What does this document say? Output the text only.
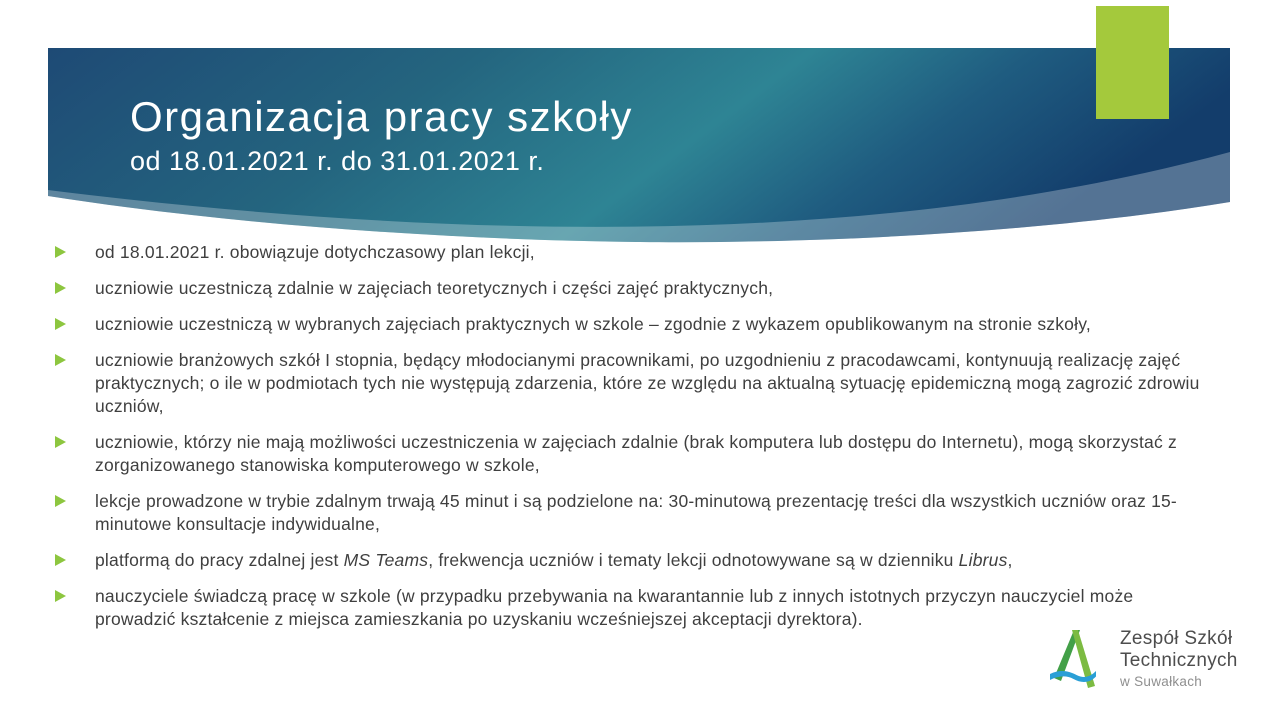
Organizacja pracy szkoły
od 18.01.2021 r. do 31.01.2021 r.
od 18.01.2021 r. obowiązuje dotychczasowy plan lekcji,
uczniowie uczestniczą zdalnie w zajęciach teoretycznych i części zajęć praktycznych,
uczniowie uczestniczą w wybranych zajęciach praktycznych w szkole – zgodnie z wykazem opublikowanym na stronie szkoły,
uczniowie branżowych szkół I stopnia, będący młodocianymi pracownikami, po uzgodnieniu z pracodawcami, kontynuują realizację zajęć praktycznych; o ile w podmiotach tych nie występują zdarzenia, które ze względu na aktualną sytuację epidemiczną mogą zagrozić zdrowiu uczniów,
uczniowie, którzy nie mają możliwości uczestniczenia w zajęciach zdalnie (brak komputera lub dostępu do Internetu), mogą skorzystać z zorganizowanego stanowiska komputerowego w szkole,
lekcje prowadzone w trybie zdalnym trwają 45 minut i są podzielone na: 30-minutową prezentację treści dla wszystkich uczniów oraz 15-minutowe konsultacje indywidualne,
platformą do pracy zdalnej jest MS Teams, frekwencja uczniów i tematy lekcji odnotowywane są w dzienniku Librus,
nauczyciele świadczą pracę w szkole (w przypadku przebywania na kwarantannie lub z innych istotnych przyczyn nauczyciel może prowadzić kształcenie z miejsca zamieszkania po uzyskaniu wcześniejszej akceptacji dyrektora).
Zespół Szkół
Technicznych
w Suwałkach
